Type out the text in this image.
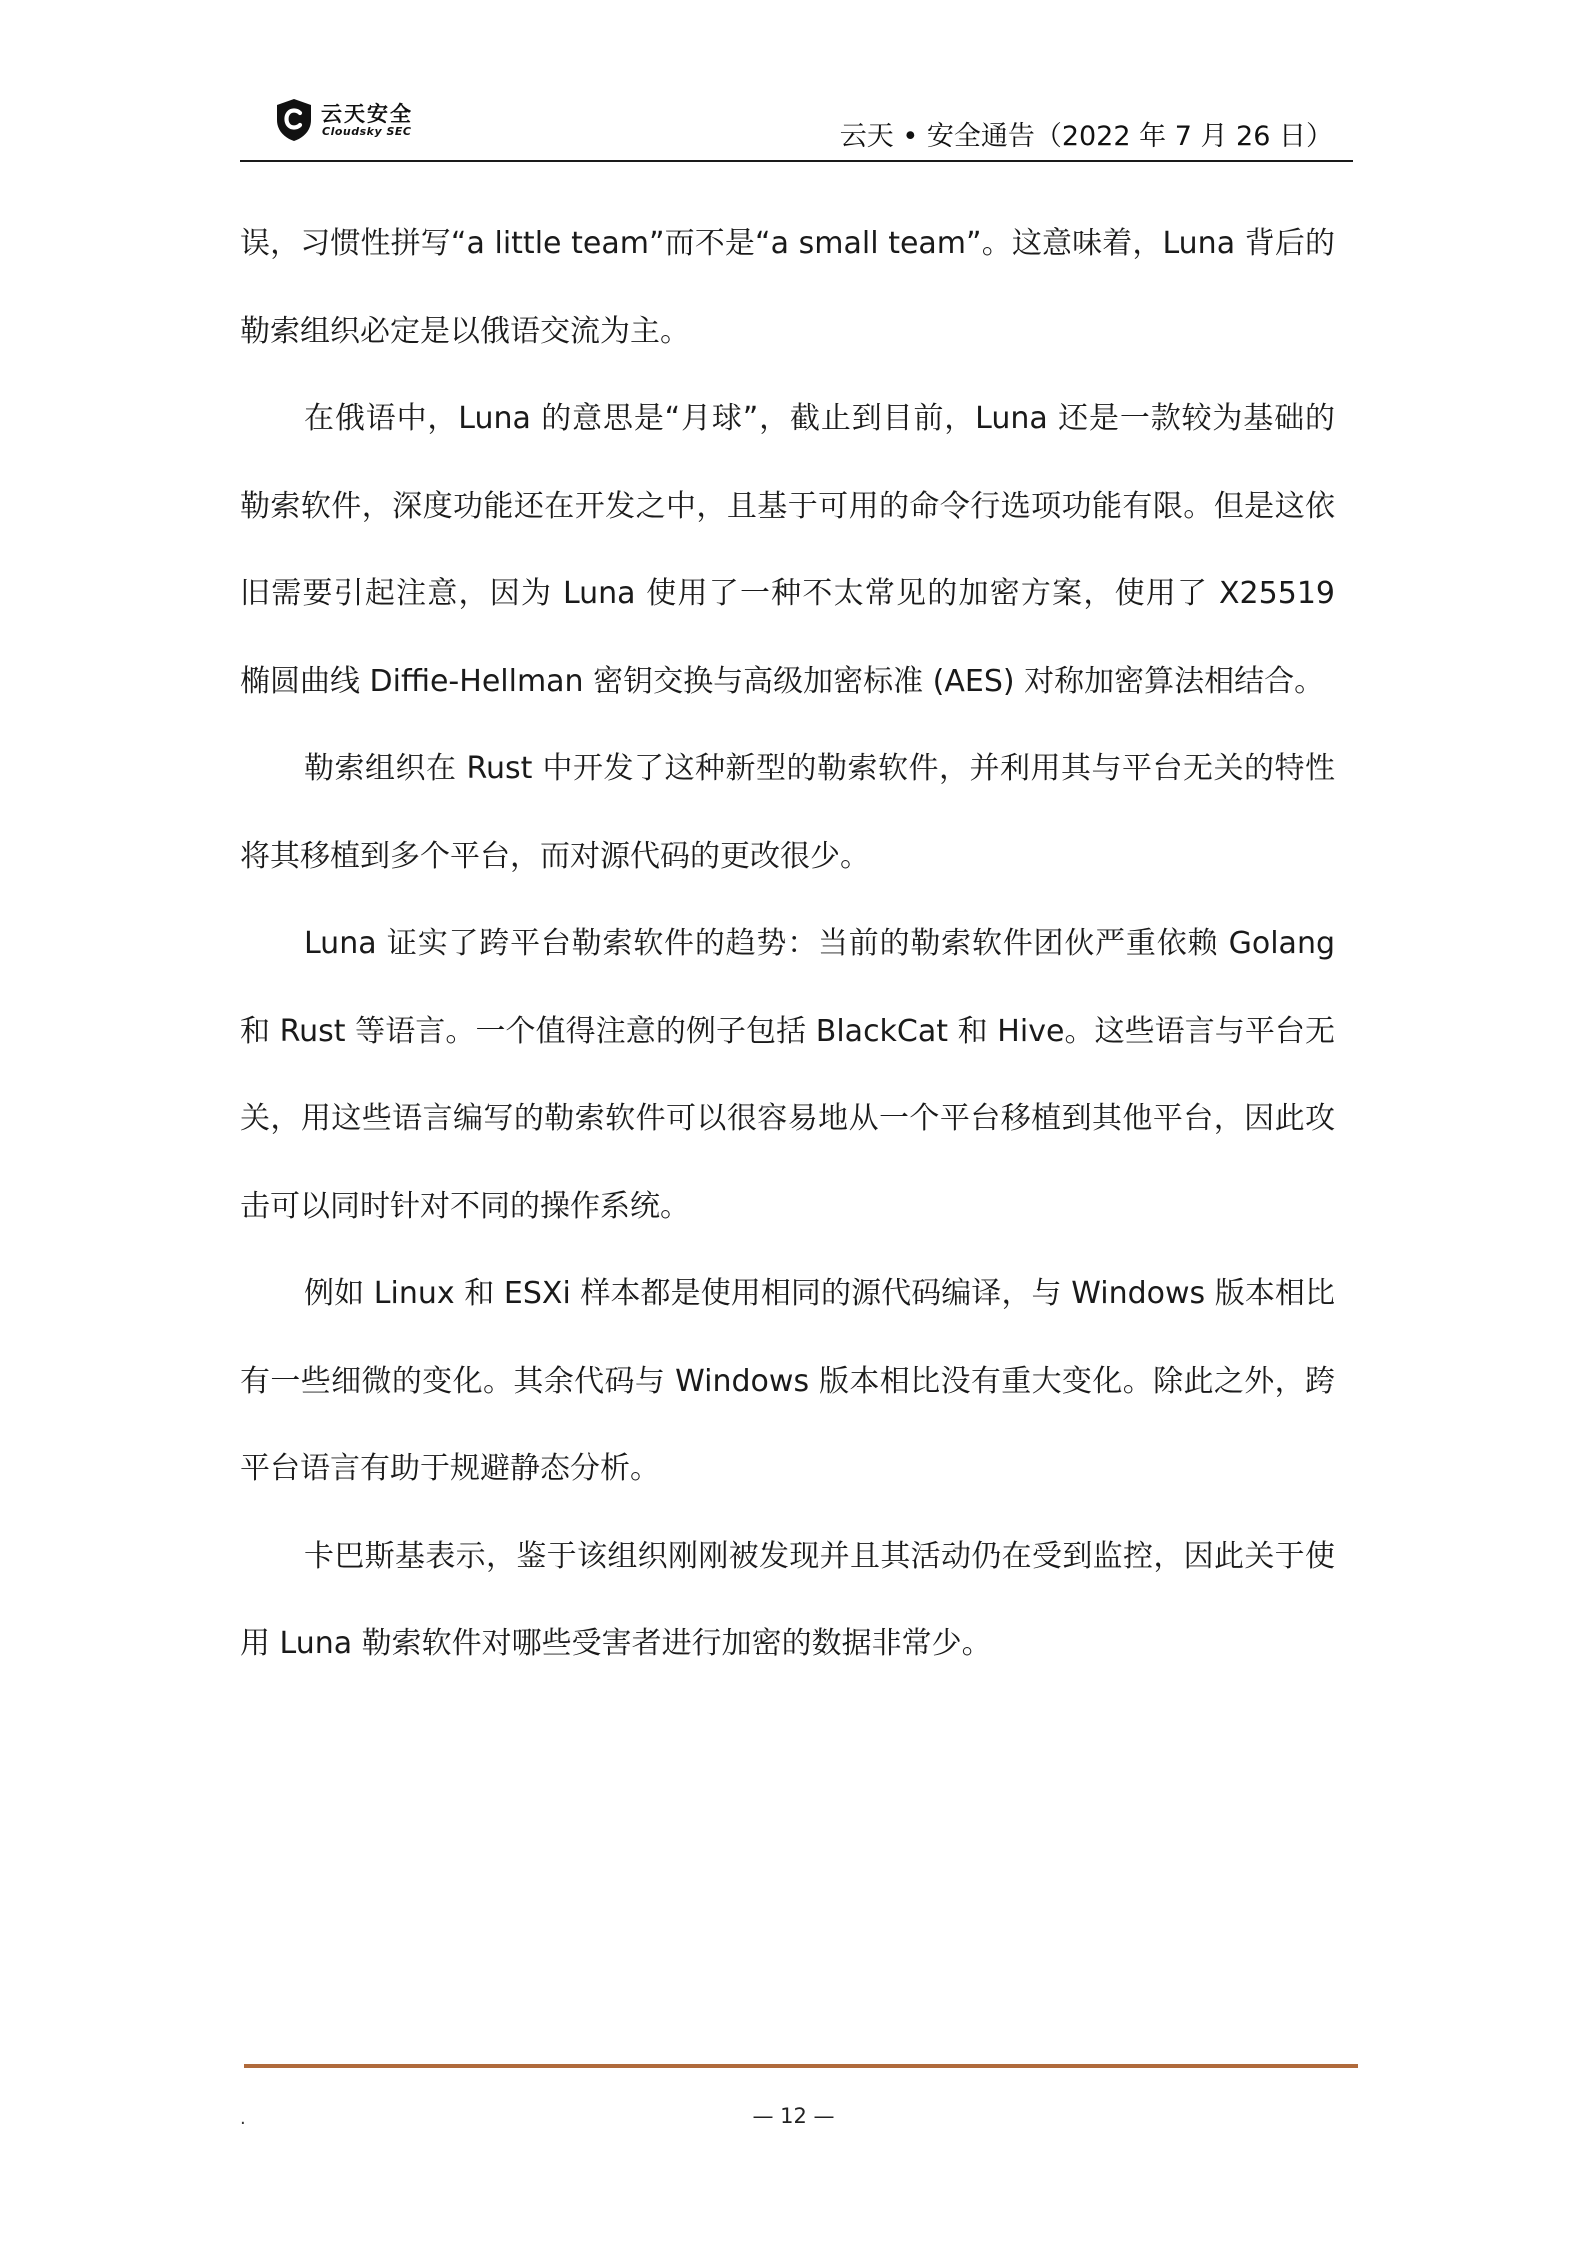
云天安全
Cloudsky SEC	云天 • 安全通告（2022 年 7 月 26 日）

误，习惯性拼写“a little team”而不是“a small team”。这意味着，Luna 背后的勒索组织必定是以俄语交流为主。

在俄语中，Luna 的意思是“月球”，截止到目前，Luna 还是一款较为基础的勒索软件，深度功能还在开发之中，且基于可用的命令行选项功能有限。但是这依旧需要引起注意，因为 Luna 使用了一种不太常见的加密方案，使用了 X25519 椭圆曲线 Diffie-Hellman 密钥交换与高级加密标准 (AES) 对称加密算法相结合。

勒索组织在 Rust 中开发了这种新型的勒索软件，并利用其与平台无关的特性将其移植到多个平台，而对源代码的更改很少。

Luna 证实了跨平台勒索软件的趋势：当前的勒索软件团伙严重依赖 Golang 和 Rust 等语言。一个值得注意的例子包括 BlackCat 和 Hive。这些语言与平台无关，用这些语言编写的勒索软件可以很容易地从一个平台移植到其他平台，因此攻击可以同时针对不同的操作系统。

例如 Linux 和 ESXi 样本都是使用相同的源代码编译，与 Windows 版本相比有一些细微的变化。其余代码与 Windows 版本相比没有重大变化。除此之外，跨平台语言有助于规避静态分析。

卡巴斯基表示，鉴于该组织刚刚被发现并且其活动仍在受到监控，因此关于使用 Luna 勒索软件对哪些受害者进行加密的数据非常少。

.	— 12 —
